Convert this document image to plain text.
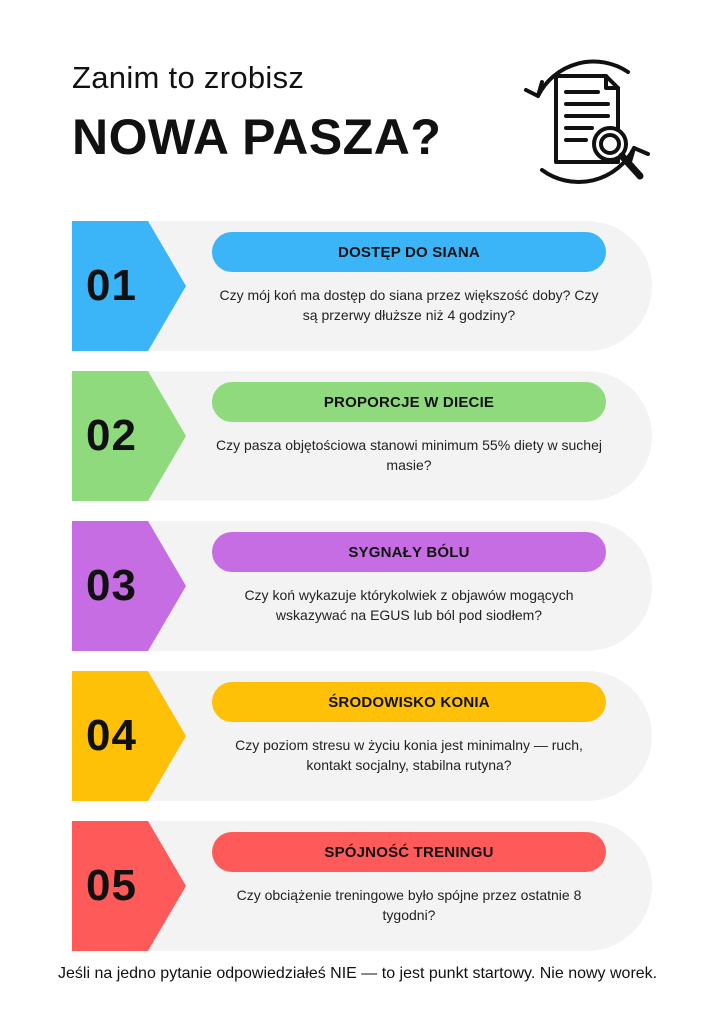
Zanim to zrobisz
NOWA PASZA?
01
DOSTĘP DO SIANA
Czy mój koń ma dostęp do siana przez większość doby? Czy są przerwy dłuższe niż 4 godziny?
02
PROPORCJE W DIECIE
Czy pasza objętościowa stanowi minimum 55% diety w suchej masie?
03
SYGNAŁY BÓLU
Czy koń wykazuje którykolwiek z objawów mogących wskazywać na EGUS lub ból pod siodłem?
04
ŚRODOWISKO KONIA
Czy poziom stresu w życiu konia jest minimalny — ruch, kontakt socjalny, stabilna rutyna?
05
SPÓJNOŚĆ TRENINGU
Czy obciążenie treningowe było spójne przez ostatnie 8 tygodni?
Jeśli na jedno pytanie odpowiedziałeś NIE — to jest punkt startowy. Nie nowy worek.
